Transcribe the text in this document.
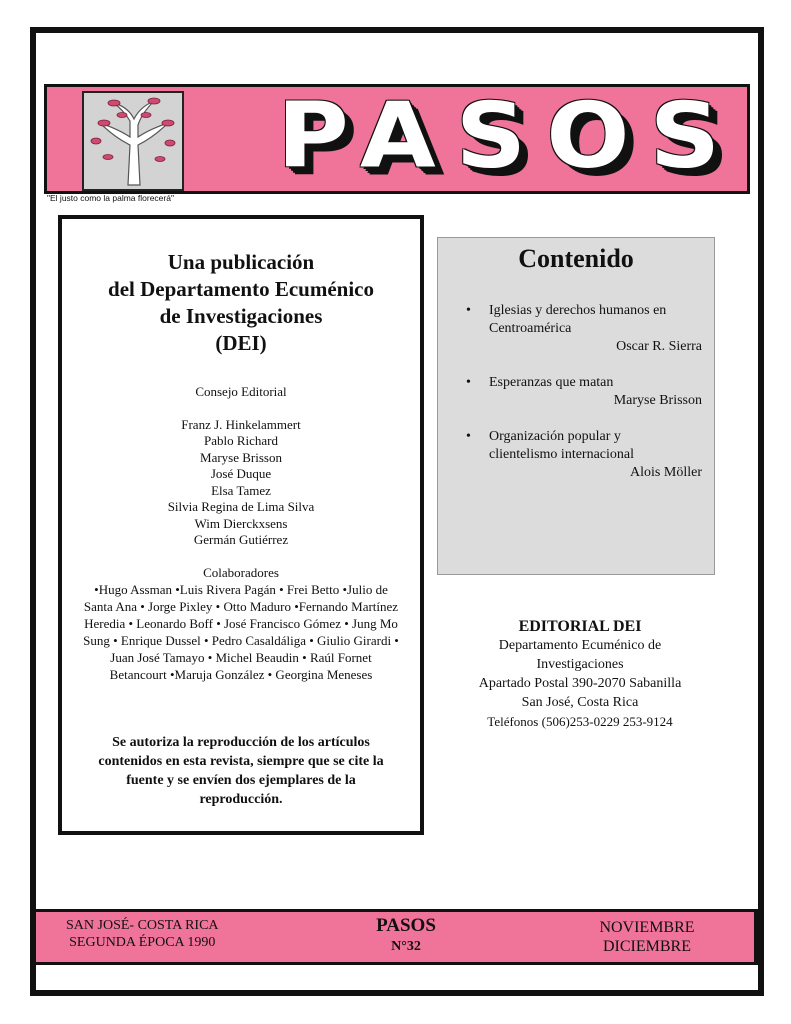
PASOS
"El justo como la palma florecerá"
Una publicación
del Departamento Ecuménico
de Investigaciones
(DEI)
Consejo Editorial
Franz J. Hinkelammert
Pablo Richard
Maryse Brisson
José Duque
Elsa Tamez
Silvia Regina de Lima Silva
Wim Dierckxsens
Germán Gutiérrez
Colaboradores
•Hugo Assman •Luis Rivera Pagán • Frei Betto •Julio de
Santa Ana • Jorge Pixley • Otto Maduro •Fernando Martínez
Heredia • Leonardo Boff • José Francisco Gómez • Jung Mo
Sung • Enrique Dussel • Pedro Casaldáliga • Giulio Girardi •
Juan José Tamayo • Michel Beaudin • Raúl Fornet
Betancourt •Maruja González • Georgina Meneses
Se autoriza la reproducción de los artículos
contenidos en esta revista, siempre que se cite la
fuente y se envíen dos ejemplares de la
reproducción.
Contenido
• Iglesias y derechos humanos en
Centroamérica
Oscar R. Sierra
• Esperanzas que matan
Maryse Brisson
• Organización popular y
clientelismo internacional
Alois Möller
EDITORIAL DEI
Departamento Ecuménico de
Investigaciones
Apartado Postal 390-2070 Sabanilla
San José, Costa Rica
Teléfonos (506)253-0229 253-9124
SAN JOSÉ- COSTA RICA
SEGUNDA ÉPOCA 1990
PASOS
N°32
NOVIEMBRE
DICIEMBRE
